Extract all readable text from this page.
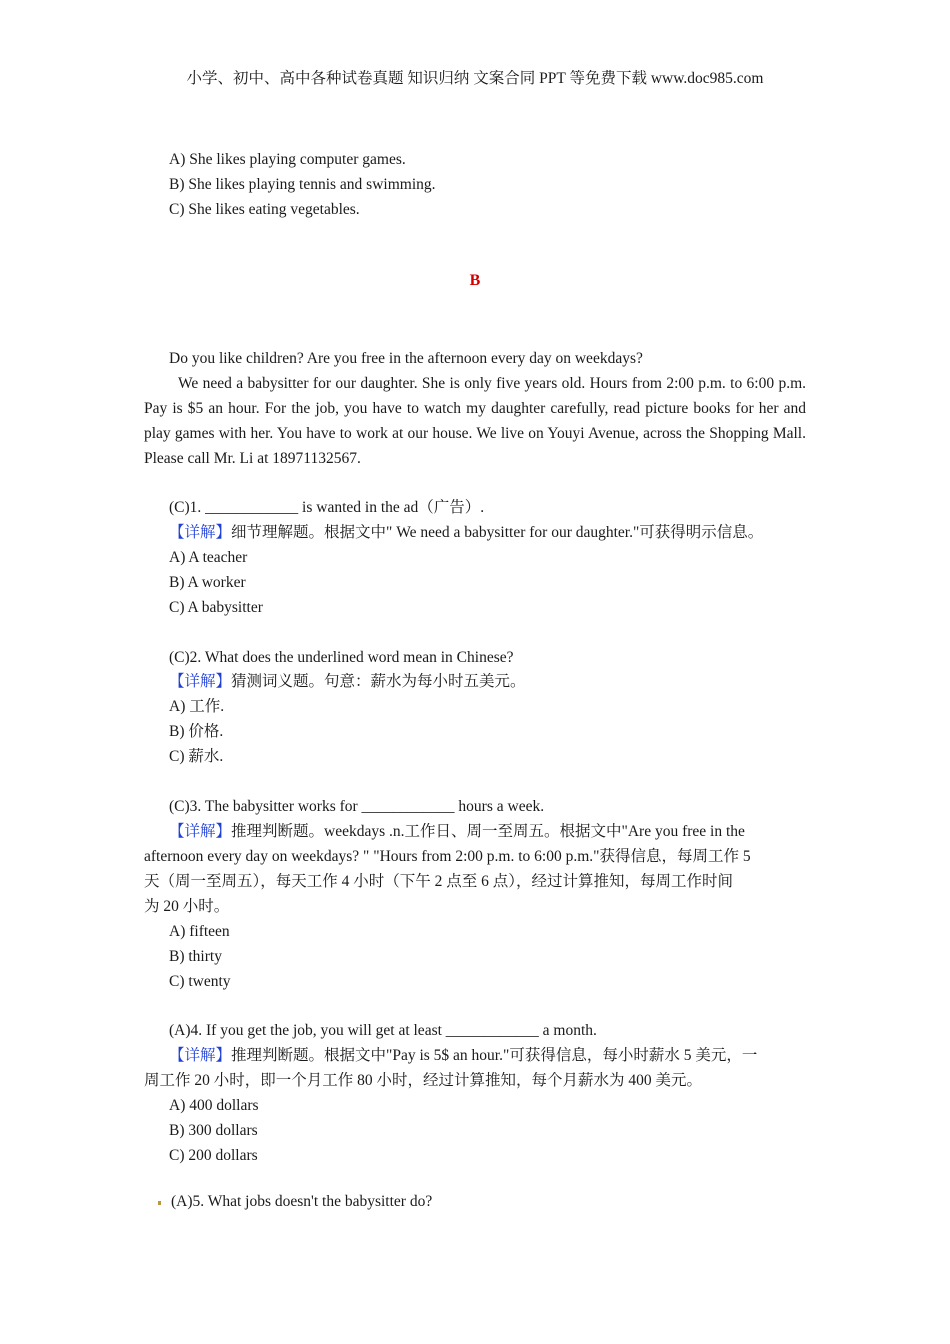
小学、初中、高中各种试卷真题 知识归纳 文案合同 PPT 等免费下载 www.doc985.com
A) She likes playing computer games.
B) She likes playing tennis and swimming.
C) She likes eating vegetables.
B
Do you like children? Are you free in the afternoon every day on weekdays?
We need a babysitter for our daughter. She is only five years old. Hours from 2:00 p.m. to 6:00 p.m. Pay is $5 an hour. For the job, you have to watch my daughter carefully, read picture books for her and play games with her. You have to work at our house. We live on Youyi Avenue, across the Shopping Mall. Please call Mr. Li at 18971132567.
(C)1. ____________ is wanted in the ad（广告）.
【详解】细节理解题。根据文中" We need a babysitter for our daughter."可获得明示信息。
A) A teacher
B) A worker
C) A babysitter
(C)2. What does the underlined word mean in Chinese?
【详解】猜测词义题。句意：薪水为每小时五美元。
A) 工作.
B) 价格.
C) 薪水.
(C)3. The babysitter works for ____________ hours a week.
【详解】推理判断题。weekdays .n.工作日、周一至周五。根据文中"Are you free in the
afternoon every day on weekdays? " "Hours from 2:00 p.m. to 6:00 p.m."获得信息，每周工作 5
天（周一至周五），每天工作 4 小时（下午 2 点至 6 点），经过计算推知，每周工作时间
为 20 小时。
A) fifteen
B) thirty
C) twenty
(A)4. If you get the job, you will get at least ____________ a month.
【详解】推理判断题。根据文中"Pay is 5$ an hour."可获得信息，每小时薪水 5 美元，一
周工作 20 小时，即一个月工作 80 小时，经过计算推知，每个月薪水为 400 美元。
A) 400 dollars
B) 300 dollars
C) 200 dollars
(A)5. What jobs doesn't the babysitter do?
